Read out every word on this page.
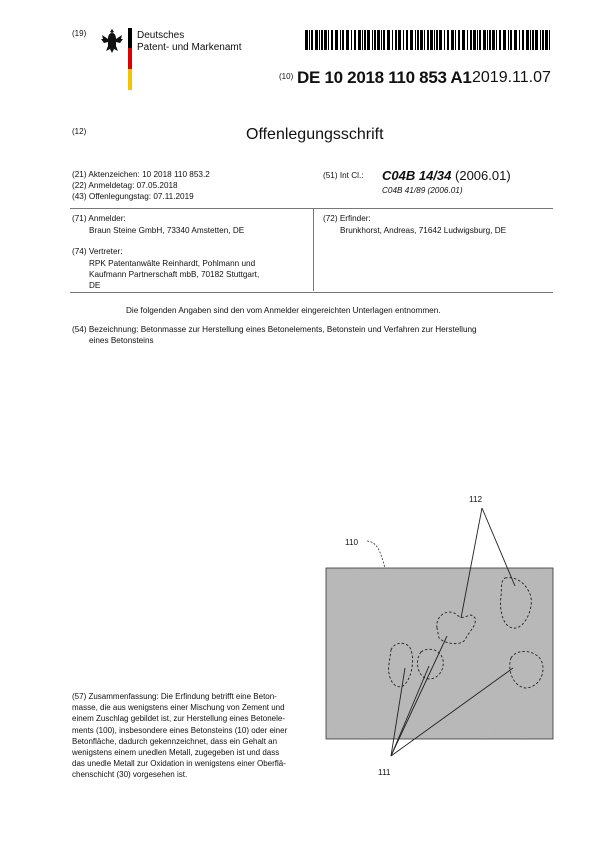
(19)	Deutsches
Patent- und Markenamt
(10) DE 10 2018 110 853 A1 2019.11.07
(12)	Offenlegungsschrift
(21) Aktenzeichen: 10 2018 110 853.2
(22) Anmeldetag: 07.05.2018
(43) Offenlegungstag: 07.11.2019
(51) Int Cl.: C04B 14/34 (2006.01)
C04B 41/89 (2006.01)
(71) Anmelder:
Braun Steine GmbH, 73340 Amstetten, DE
(74) Vertreter:
RPK Patentanwälte Reinhardt, Pohlmann und
Kaufmann Partnerschaft mbB, 70182 Stuttgart,
DE
(72) Erfinder:
Brunkhorst, Andreas, 71642 Ludwigsburg, DE
Die folgenden Angaben sind den vom Anmelder eingereichten Unterlagen entnommen.
(54) Bezeichnung: Betonmasse zur Herstellung eines Betonelements, Betonstein und Verfahren zur Herstellung
eines Betonsteins
(57) Zusammenfassung: Die Erfindung betrifft eine Beton-
masse, die aus wenigstens einer Mischung von Zement und
einem Zuschlag gebildet ist, zur Herstellung eines Betonele-
ments (100), insbesondere eines Betonsteins (10) oder einer
Betonfläche, dadurch gekennzeichnet, dass ein Gehalt an
wenigstens einem unedlen Metall, zugegeben ist und dass
das unedle Metall zur Oxidation in wenigstens einer Oberflä-
chenschicht (30) vorgesehen ist.
112
110
111
